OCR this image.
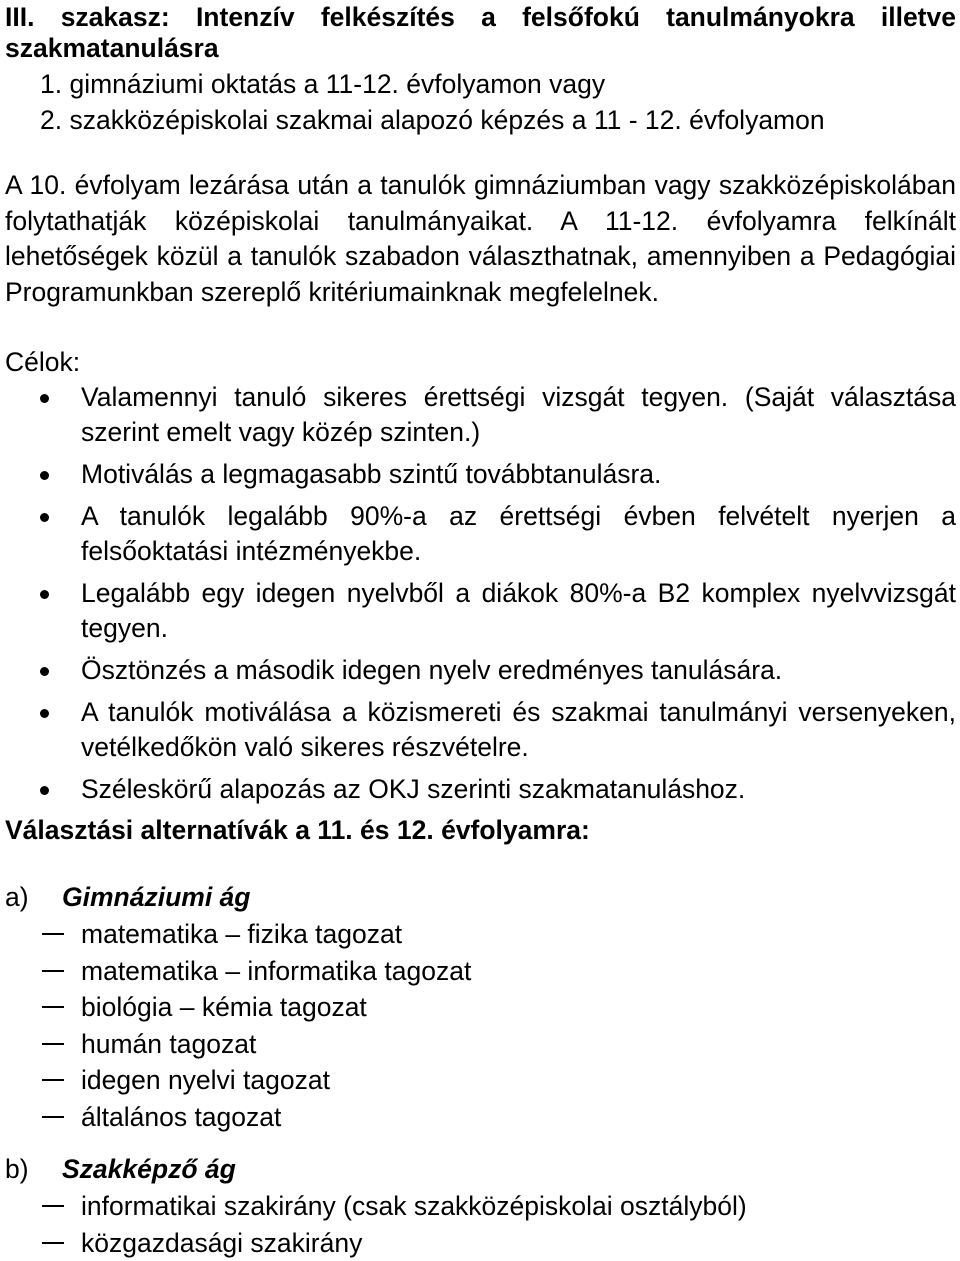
III. szakasz: Intenzív felkészítés a felsőfokú tanulmányokra illetve

szakmatanulásra

1. gimnáziumi oktatás a 11-12. évfolyamon vagy
2. szakközépiskolai szakmai alapozó képzés a 11 - 12. évfolyamon

A 10. évfolyam lezárása után a tanulók gimnáziumban vagy szakközépiskolában folytathatják középiskolai tanulmányaikat. A 11-12. évfolyamra felkínált lehetőségek közül a tanulók szabadon választhatnak, amennyiben a Pedagógiai Programunkban szereplő kritériumainknak megfelelnek.

Célok:

Valamennyi tanuló sikeres érettségi vizsgát tegyen. (Saját választása szerint emelt vagy közép szinten.)
Motiválás a legmagasabb szintű továbbtanulásra.
A tanulók legalább 90%-a az érettségi évben felvételt nyerjen a felsőoktatási intézményekbe.
Legalább egy idegen nyelvből a diákok 80%-a B2 komplex nyelvvizsgát tegyen.
Ösztönzés a második idegen nyelv eredményes tanulására.
A tanulók motiválása a közismereti és szakmai tanulmányi versenyeken, vetélkedőkön való sikeres részvételre.
Széleskörű alapozás az OKJ szerinti szakmatanuláshoz.

Választási alternatívák a 11. és 12. évfolyamra:

a) Gimnáziumi ág

matematika – fizika tagozat
matematika – informatika tagozat
biológia – kémia tagozat
humán tagozat
idegen nyelvi tagozat
általános tagozat

b) Szakképző ág

informatikai szakirány (csak szakközépiskolai osztályból)
közgazdasági szakirány
